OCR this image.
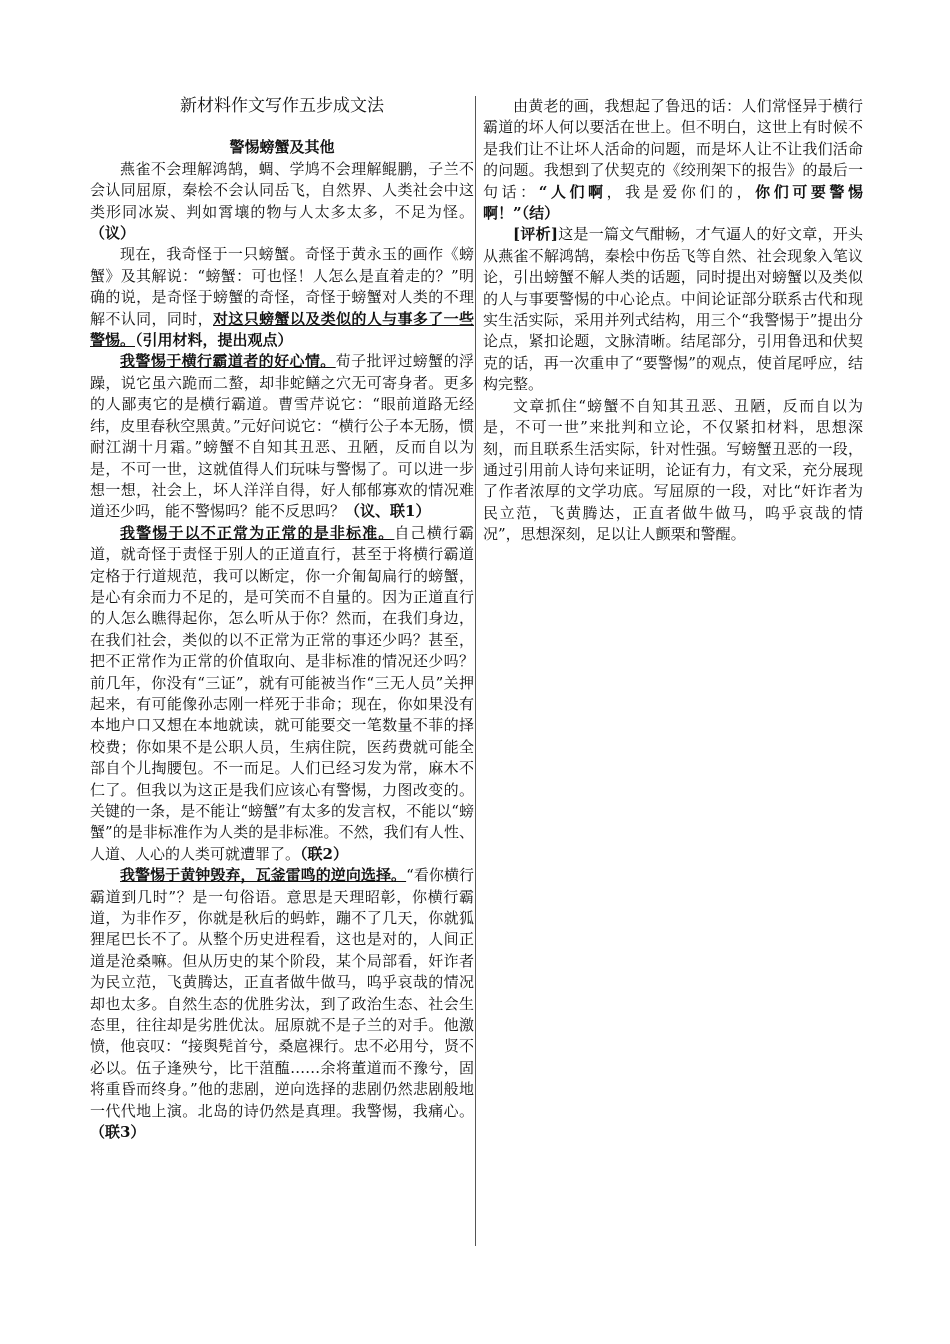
新材料作文写作五步成文法
警惕螃蟹及其他

燕雀不会理解鸿鹄，蜩、学鸠不会理解鲲鹏，子兰不会认同屈原，秦桧不会认同岳飞，自然界、人类社会中这类形同冰炭、判如霄壤的物与人太多太多，不足为怪。（议）

现在，我奇怪于一只螃蟹。奇怪于黄永玉的画作《螃蟹》及其解说：“螃蟹：可也怪！人怎么是直着走的？”明确的说，是奇怪于螃蟹的奇怪，奇怪于螃蟹对人类的不理解不认同，同时，对这只螃蟹以及类似的人与事多了一些警惕。（引用材料，提出观点）

我警惕于横行霸道者的好心情。荀子批评过螃蟹的浮躁，说它虽六跪而二螯，却非蛇鳝之穴无可寄身者。更多的人鄙夷它的是横行霸道。曹雪芹说它：“眼前道路无经纬，皮里春秋空黑黄。”元好问说它：“横行公子本无肠，惯耐江湖十月霜。”螃蟹不自知其丑恶、丑陋，反而自以为是，不可一世，这就值得人们玩味与警惕了。可以进一步想一想，社会上，坏人洋洋自得，好人郁郁寡欢的情况难道还少吗，能不警惕吗？能不反思吗？（议、联1）

我警惕于以不正常为正常的是非标准。自己横行霸道，就奇怪于责怪于别人的正道直行，甚至于将横行霸道定格于行道规范，我可以断定，你一介匍匐扁行的螃蟹，是心有余而力不足的，是可笑而不自量的。因为正道直行的人怎么瞧得起你，怎么听从于你？然而，在我们身边，在我们社会，类似的以不正常为正常的事还少吗？甚至，把不正常作为正常的价值取向、是非标准的情况还少吗？前几年，你没有“三证”，就有可能被当作“三无人员”关押起来，有可能像孙志刚一样死于非命；现在，你如果没有本地户口又想在本地就读，就可能要交一笔数量不菲的择校费；你如果不是公职人员，生病住院，医药费就可能全部自个儿掏腰包。不一而足。人们已经习发为常，麻木不仁了。但我以为这正是我们应该心有警惕，力图改变的。关键的一条，是不能让“螃蟹”有太多的发言权，不能以“螃蟹”的是非标准作为人类的是非标准。不然，我们有人性、人道、人心的人类可就遭罪了。（联2）

我警惕于黄钟毁弃，瓦釜雷鸣的逆向选择。“看你横行霸道到几时”？是一句俗语。意思是天理昭彰，你横行霸道，为非作歹，你就是秋后的蚂蚱，蹦不了几天，你就狐狸尾巴长不了。从整个历史进程看，这也是对的，人间正道是沧桑嘛。但从历史的某个阶段，某个局部看，奸诈者为民立范，飞黄腾达，正直者做牛做马，呜乎哀哉的情况却也太多。自然生态的优胜劣汰，到了政治生态、社会生态里，往往却是劣胜优汰。屈原就不是子兰的对手。他激愤，他哀叹：“接舆髡首兮，桑扈裸行。忠不必用兮，贤不必以。伍子逢殃兮，比干菹醢……余将董道而不豫兮，固将重昏而终身。”他的悲剧，逆向选择的悲剧仍然悲剧般地一代代地上演。北岛的诗仍然是真理。我警惕，我痛心。（联3）

由黄老的画，我想起了鲁迅的话：人们常怪异于横行霸道的坏人何以要活在世上。但不明白，这世上有时候不是我们让不让坏人活命的问题，而是坏人让不让我们活命的问题。我想到了伏契克的《绞刑架下的报告》的最后一句话：“人们啊，我是爱你们的，你们可要警惕啊！”（结）

[评析]这是一篇文气酣畅，才气逼人的好文章，开头从燕雀不解鸿鹄，秦桧中伤岳飞等自然、社会现象入笔议论，引出螃蟹不解人类的话题，同时提出对螃蟹以及类似的人与事要警惕的中心论点。中间论证部分联系古代和现实生活实际，采用并列式结构，用三个“我警惕于”提出分论点，紧扣论题，文脉清晰。结尾部分，引用鲁迅和伏契克的话，再一次重申了“要警惕”的观点，使首尾呼应，结构完整。

文章抓住“螃蟹不自知其丑恶、丑陋，反而自以为是，不可一世”来批判和立论，不仅紧扣材料，思想深刻，而且联系生活实际，针对性强。写螃蟹丑恶的一段，通过引用前人诗句来证明，论证有力，有文采，充分展现了作者浓厚的文学功底。写屈原的一段，对比“奸诈者为民立范，飞黄腾达，正直者做牛做马，呜乎哀哉的情况”，思想深刻，足以让人颤栗和警醒。
